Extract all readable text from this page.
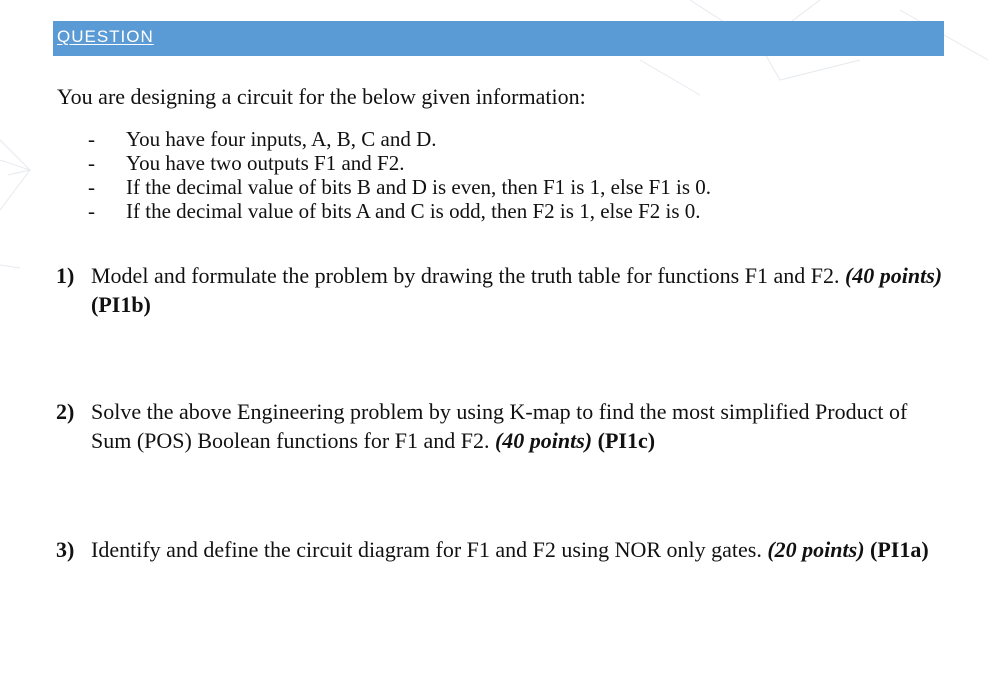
QUESTION

You are designing a circuit for the below given information:

- You have four inputs, A, B, C and D.
- You have two outputs F1 and F2.
- If the decimal value of bits B and D is even, then F1 is 1, else F1 is 0.
- If the decimal value of bits A and C is odd, then F2 is 1, else F2 is 0.
1) Model and formulate the problem by drawing the truth table for functions F1 and F2. (40 points) (PI1b)
2) Solve the above Engineering problem by using K-map to find the most simplified Product of Sum (POS) Boolean functions for F1 and F2. (40 points) (PI1c)
3) Identify and define the circuit diagram for F1 and F2 using NOR only gates. (20 points) (PI1a)
